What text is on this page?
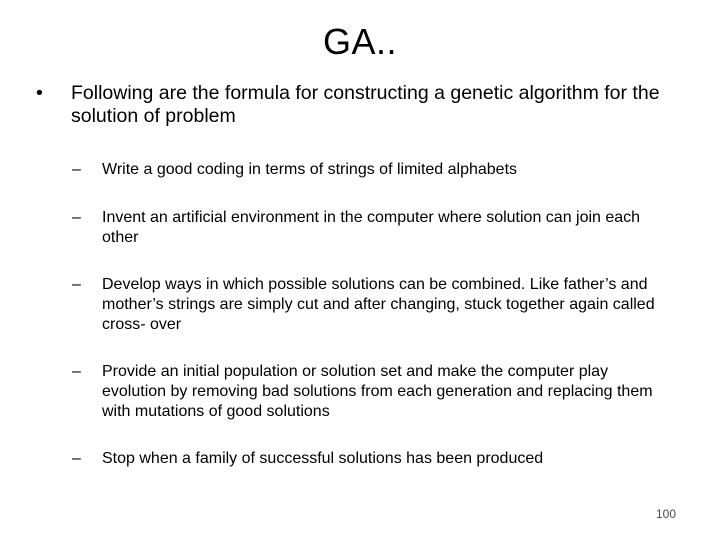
GA..
•	Following are the formula for constructing a genetic algorithm for the solution of problem
–	Write a good coding in terms of strings of limited alphabets
–	Invent an artificial environment in the computer where solution can join each other
–	Develop ways in which possible solutions can be combined. Like father’s and mother’s strings are simply cut and after changing, stuck together again called cross- over
–	Provide an initial population or solution set and make the computer play evolution by removing bad solutions from each generation and replacing them with mutations of good solutions
–	Stop when a family of successful solutions has been produced
100
